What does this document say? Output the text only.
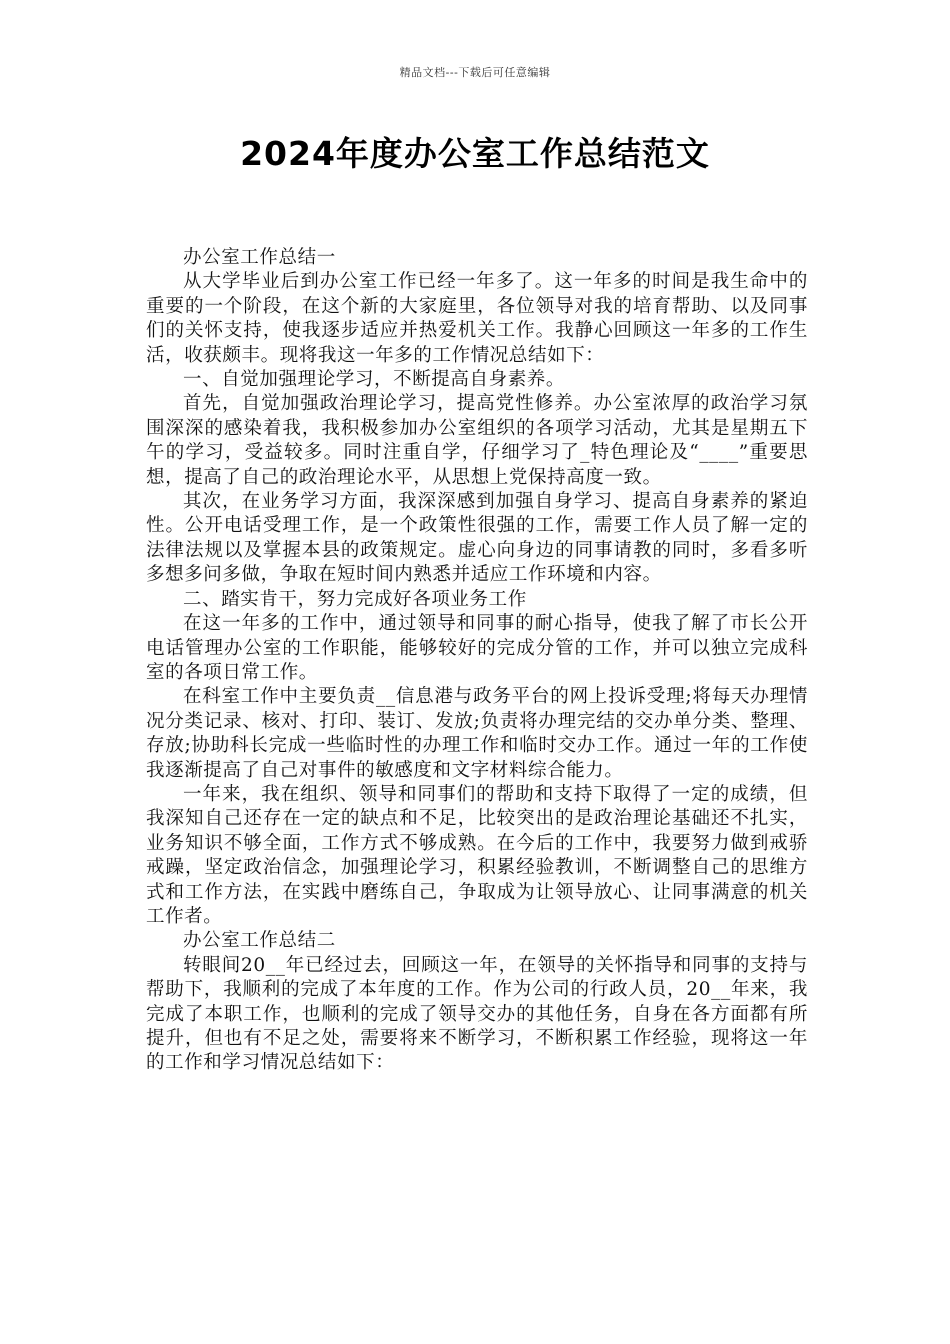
精品文档---下载后可任意编辑
2024年度办公室工作总结范文

办公室工作总结一

从大学毕业后到办公室工作已经一年多了。这一年多的时间是我生命中的重要的一个阶段，在这个新的大家庭里，各位领导对我的培育帮助、以及同事们的关怀支持，使我逐步适应并热爱机关工作。我静心回顾这一年多的工作生活，收获颇丰。现将我这一年多的工作情况总结如下：

一、自觉加强理论学习，不断提高自身素养。

首先，自觉加强政治理论学习，提高党性修养。办公室浓厚的政治学习氛围深深的感染着我，我积极参加办公室组织的各项学习活动，尤其是星期五下午的学习，受益较多。同时注重自学，仔细学习了_特色理论及“____”重要思想，提高了自己的政治理论水平，从思想上党保持高度一致。

其次，在业务学习方面，我深深感到加强自身学习、提高自身素养的紧迫性。公开电话受理工作，是一个政策性很强的工作，需要工作人员了解一定的法律法规以及掌握本县的政策规定。虚心向身边的同事请教的同时，多看多听多想多问多做，争取在短时间内熟悉并适应工作环境和内容。

二、踏实肯干，努力完成好各项业务工作

在这一年多的工作中，通过领导和同事的耐心指导，使我了解了市长公开电话管理办公室的工作职能，能够较好的完成分管的工作，并可以独立完成科室的各项日常工作。

在科室工作中主要负责__信息港与政务平台的网上投诉受理;将每天办理情况分类记录、核对、打印、装订、发放;负责将办理完结的交办单分类、整理、存放;协助科长完成一些临时性的办理工作和临时交办工作。通过一年的工作使我逐渐提高了自己对事件的敏感度和文字材料综合能力。

一年来，我在组织、领导和同事们的帮助和支持下取得了一定的成绩，但我深知自己还存在一定的缺点和不足，比较突出的是政治理论基础还不扎实，业务知识不够全面，工作方式不够成熟。在今后的工作中，我要努力做到戒骄戒躁，坚定政治信念，加强理论学习，积累经验教训，不断调整自己的思维方式和工作方法，在实践中磨练自己，争取成为让领导放心、让同事满意的机关工作者。

办公室工作总结二

转眼间20__年已经过去，回顾这一年，在领导的关怀指导和同事的支持与帮助下，我顺利的完成了本年度的工作。作为公司的行政人员，20__年来，我完成了本职工作，也顺利的完成了领导交办的其他任务，自身在各方面都有所提升，但也有不足之处，需要将来不断学习，不断积累工作经验，现将这一年的工作和学习情况总结如下：
